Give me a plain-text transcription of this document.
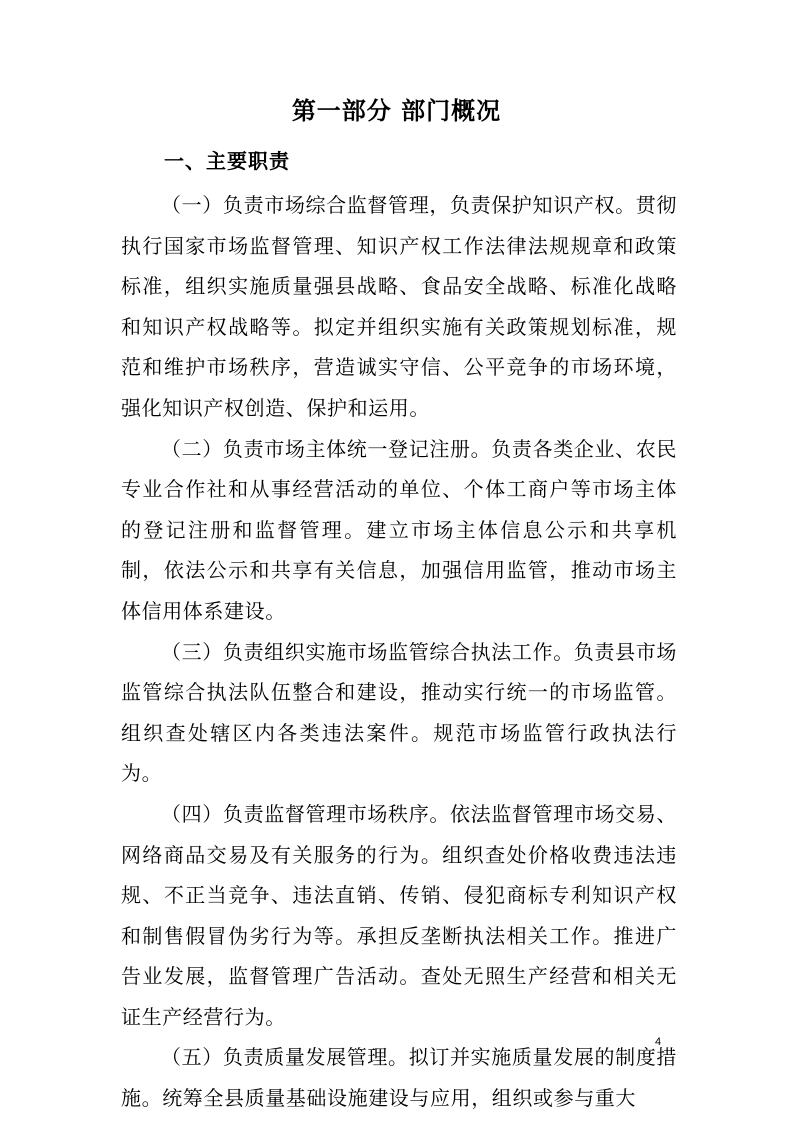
第一部分 部门概况
一、主要职责

（一）负责市场综合监督管理，负责保护知识产权。贯彻执行国家市场监督管理、知识产权工作法律法规规章和政策标准，组织实施质量强县战略、食品安全战略、标准化战略和知识产权战略等。拟定并组织实施有关政策规划标准，规范和维护市场秩序，营造诚实守信、公平竞争的市场环境，强化知识产权创造、保护和运用。

（二）负责市场主体统一登记注册。负责各类企业、农民专业合作社和从事经营活动的单位、个体工商户等市场主体的登记注册和监督管理。建立市场主体信息公示和共享机制，依法公示和共享有关信息，加强信用监管，推动市场主体信用体系建设。

（三）负责组织实施市场监管综合执法工作。负责县市场监管综合执法队伍整合和建设，推动实行统一的市场监管。组织查处辖区内各类违法案件。规范市场监管行政执法行为。

（四）负责监督管理市场秩序。依法监督管理市场交易、网络商品交易及有关服务的行为。组织查处价格收费违法违规、不正当竞争、违法直销、传销、侵犯商标专利知识产权和制售假冒伪劣行为等。承担反垄断执法相关工作。推进广告业发展，监督管理广告活动。查处无照生产经营和相关无证生产经营行为。

（五）负责质量发展管理。拟订并实施质量发展的制度措施。统筹全县质量基础设施建设与应用，组织或参与重大

4
